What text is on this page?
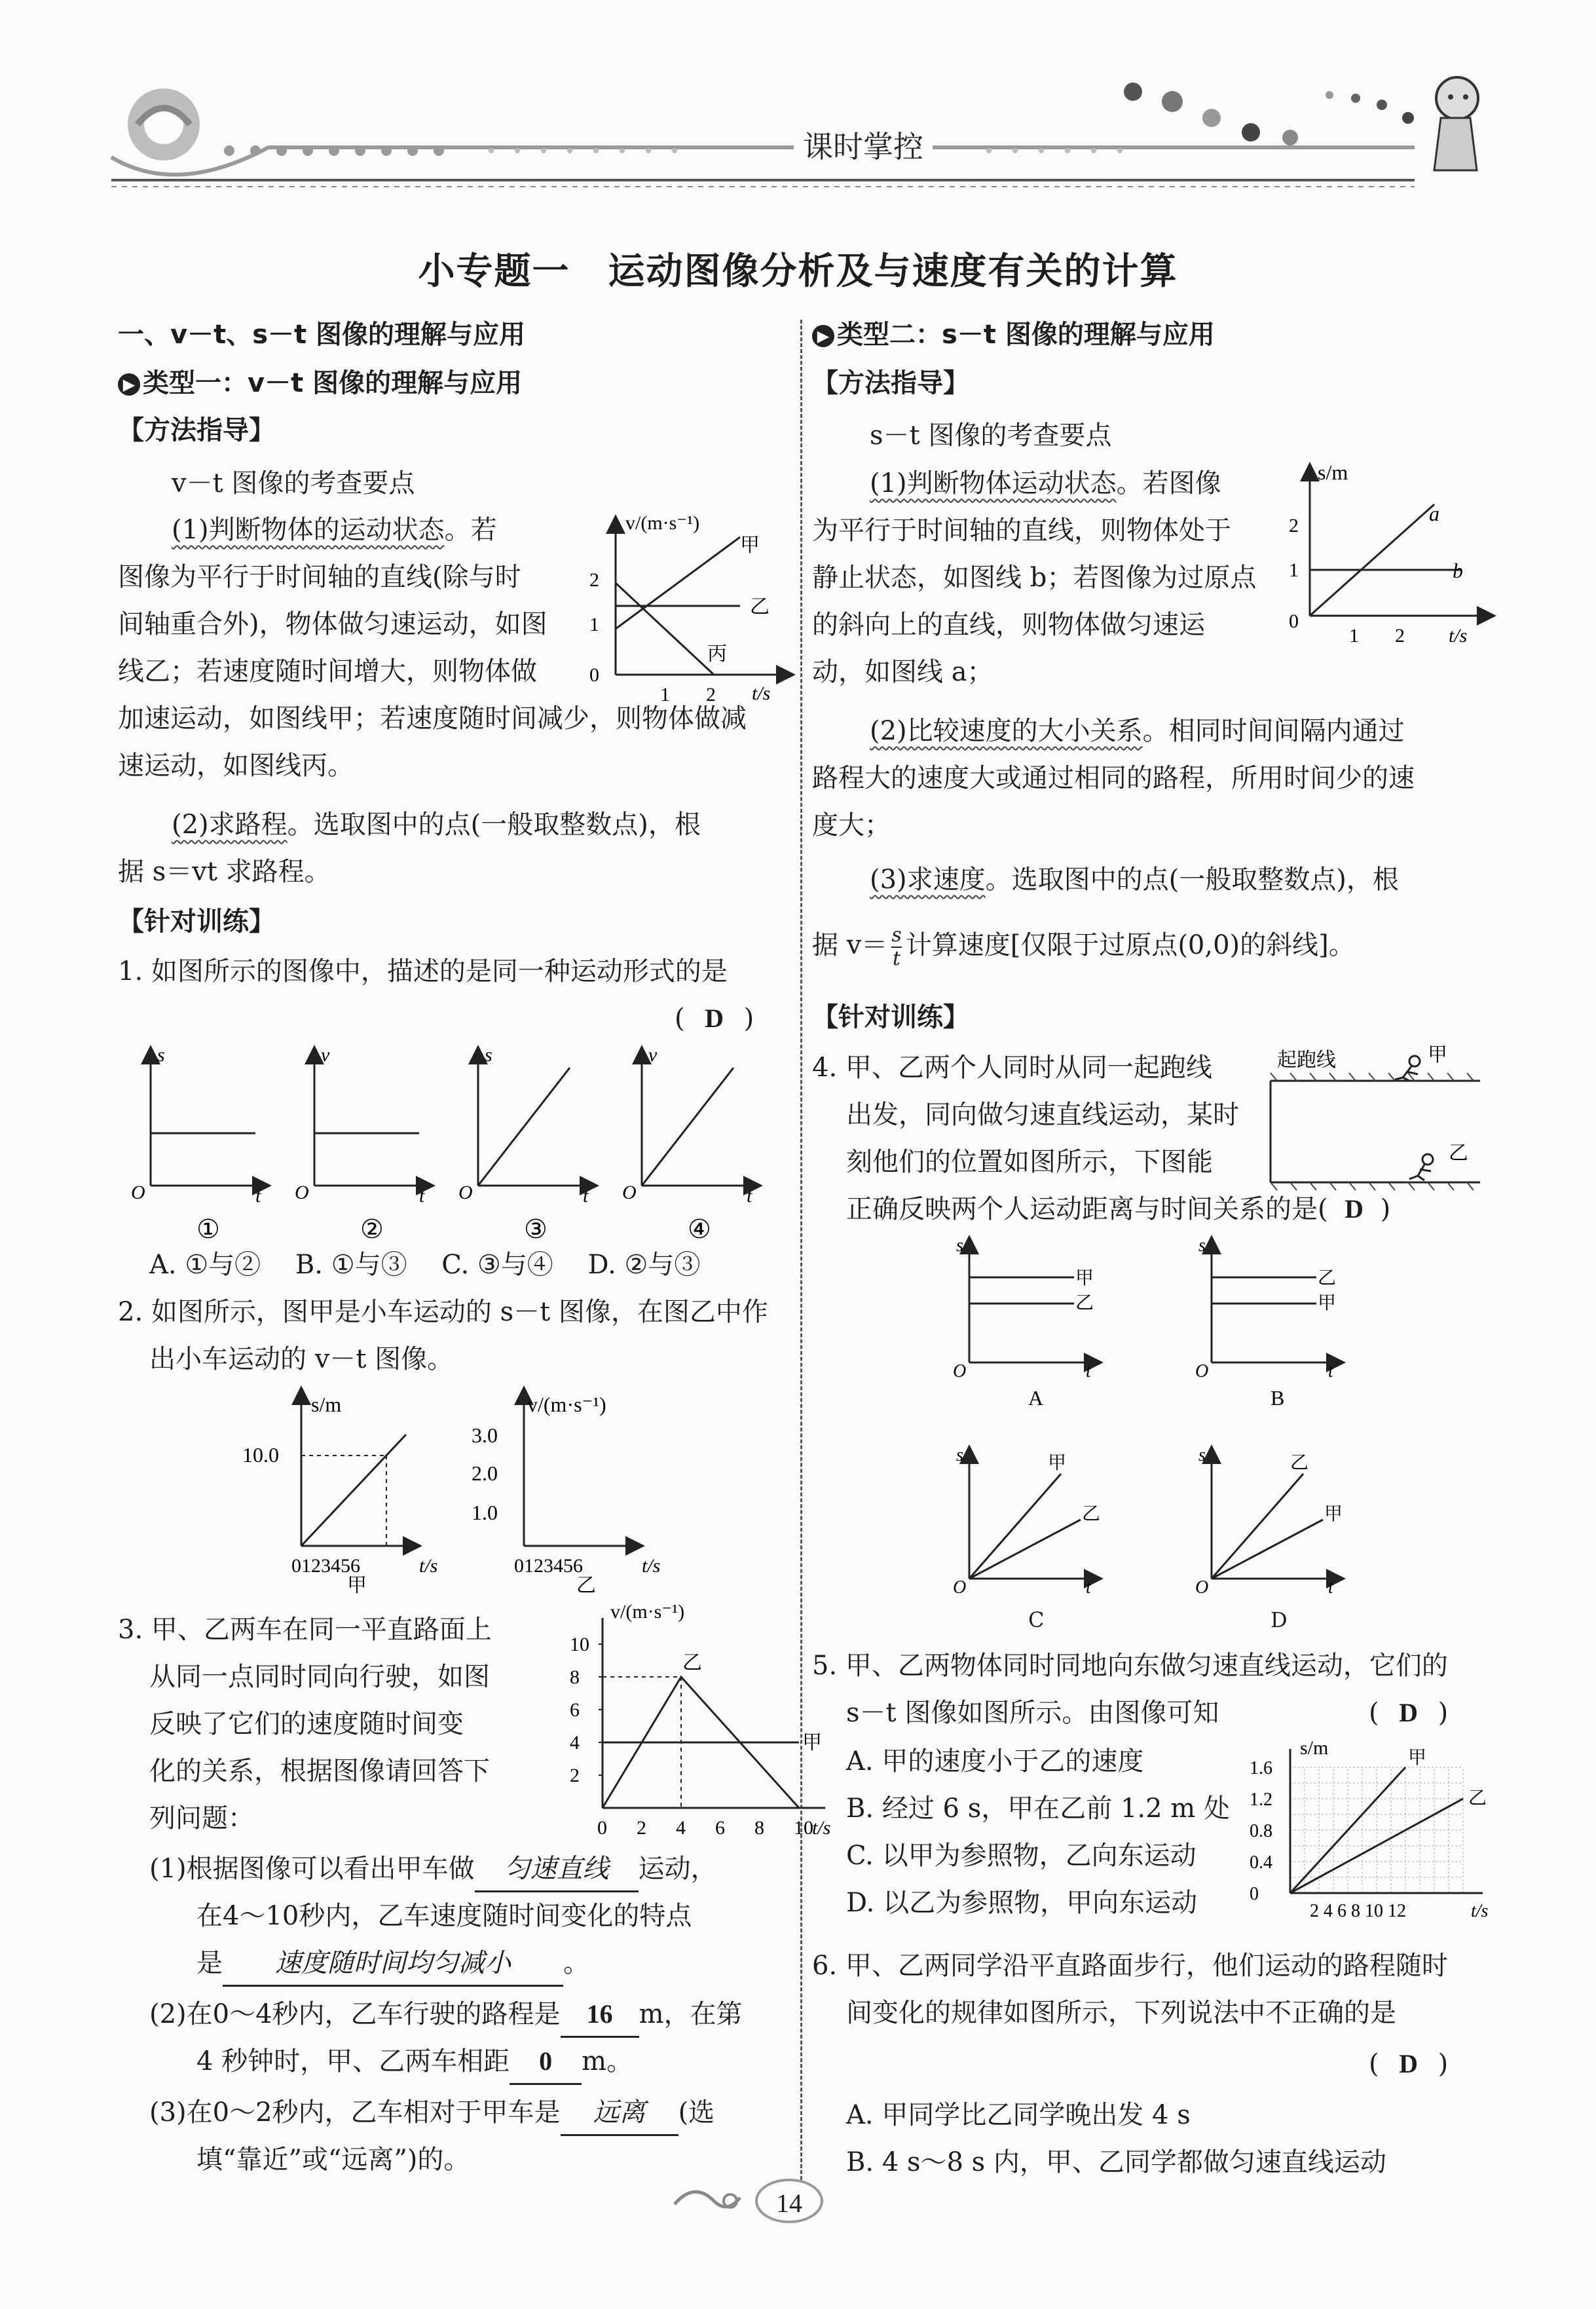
课时掌控
小专题一　运动图像分析及与速度有关的计算
一、v－t、s－t 图像的理解与应用
▶ 类型一：v－t 图像的理解与应用
【方法指导】
v－t 图像的考查要点
(1)判断物体的运动状态。若
图像为平行于时间轴的直线(除与时
间轴重合外)，物体做匀速运动，如图
线乙；若速度随时间增大，则物体做
加速运动，如图线甲；若速度随时间减少，则物体做减
速运动，如图线丙。
(2)求路程。选取图中的点(一般取整数点)，根
据 s＝vt 求路程。
v/(m·s⁻¹)
2
1
0
1 2 t/s
甲
乙
丙
【针对训练】
1. 如图所示的图像中，描述的是同一种运动形式的是
( D )
s
O	t
①
v
O	t
②
s
O	t
③
v
O	t
④
A. ①与②　 B. ①与③　 C. ③与④　 D. ②与③
2. 如图所示，图甲是小车运动的 s－t 图像，在图乙中作
出小车运动的 v－t 图像。
s/m
10.0
0123456	t/s
甲
v/(m·s⁻¹)
3.0
2.0
1.0
0123456	t/s
乙
3. 甲、乙两车在同一平直路面上
从同一点同时同向行驶，如图
反映了它们的速度随时间变
化的关系，根据图像请回答下
列问题：
v/(m·s⁻¹)
10
8
6
4
2
0 2 4 6 8 10
t/s
甲
乙
(1)根据图像可以看出甲车做 匀速直线 运动，
在4～10秒内，乙车速度随时间变化的特点
是 速度随时间均匀减小 。
(2)在0～4秒内，乙车行驶的路程是 16 m，在第
4 秒钟时，甲、乙两车相距 0 m。
(3)在0～2秒内，乙车相对于甲车是 远离 (选
填“靠近”或“远离”)的。
▶ 类型二：s－t 图像的理解与应用
【方法指导】
s－t 图像的考查要点
(1)判断物体运动状态。若图像
为平行于时间轴的直线，则物体处于
静止状态，如图线 b；若图像为过原点
的斜向上的直线，则物体做匀速运
动，如图线 a；
s/m
2
1
0
1 2 t/s
a
b
(2)比较速度的大小关系。相同时间间隔内通过
路程大的速度大或通过相同的路程，所用时间少的速
度大；
(3)求速度。选取图中的点(一般取整数点)，根
据 $v= \frac{s}{t}$ 计算速度[仅限于过原点(0,0)的斜线]。
【针对训练】
4. 甲、乙两个人同时从同一起跑线
出发，同向做匀速直线运动，某时
刻他们的位置如图所示，下图能
正确反映两个人运动距离与时间关系的是( D )
起跑线	甲
乙
s
O	t
甲
乙
A
s
O	t
乙
甲
B
s
O	t
甲
乙
s
O	t
乙
甲
C	D
5. 甲、乙两物体同时同地向东做匀速直线运动，它们的
s－t 图像如图所示。由图像可知	( D )
A. 甲的速度小于乙的速度
B. 经过 6 s，甲在乙前 1.2 m 处
C. 以甲为参照物，乙向东运动
D. 以乙为参照物，甲向东运动
s/m
1.6
1.2
0.8
0.4
0
2 4 6 8 10 12	t/s
甲
乙
6. 甲、乙两同学沿平直路面步行，他们运动的路程随时
间变化的规律如图所示，下列说法中不正确的是
( D )
A. 甲同学比乙同学晚出发 4 s
B. 4 s～8 s 内，甲、乙同学都做匀速直线运动
14
